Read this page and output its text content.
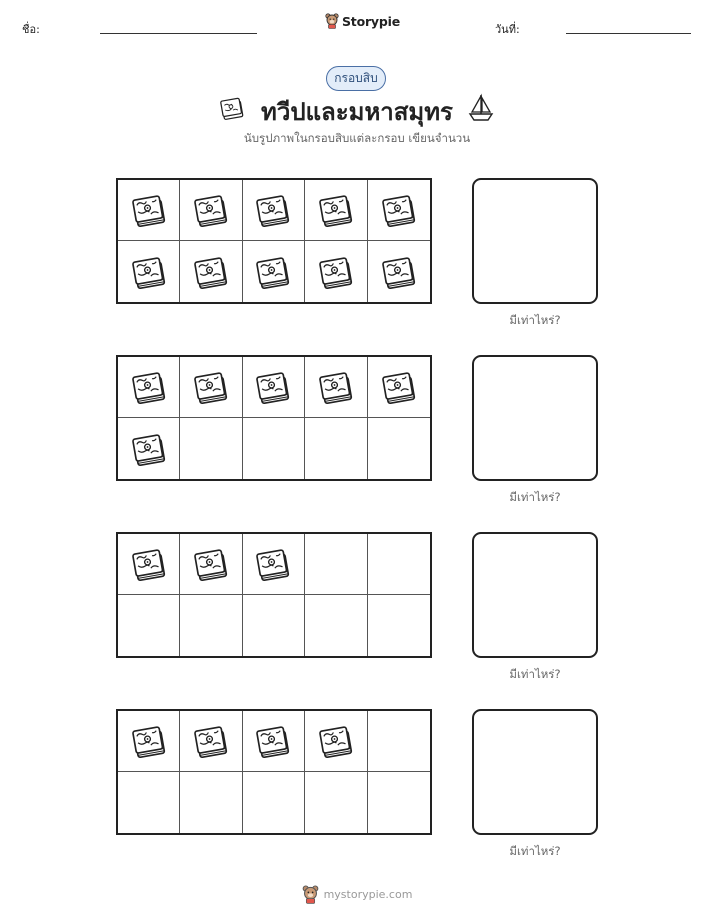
ชื่อ:
Storypie
วันที่:
กรอบสิบ
ทวีปและมหาสมุทร
นับรูปภาพในกรอบสิบแต่ละกรอบ เขียนจำนวน
มีเท่าไหร่?
มีเท่าไหร่?
มีเท่าไหร่?
มีเท่าไหร่?
mystorypie.com
